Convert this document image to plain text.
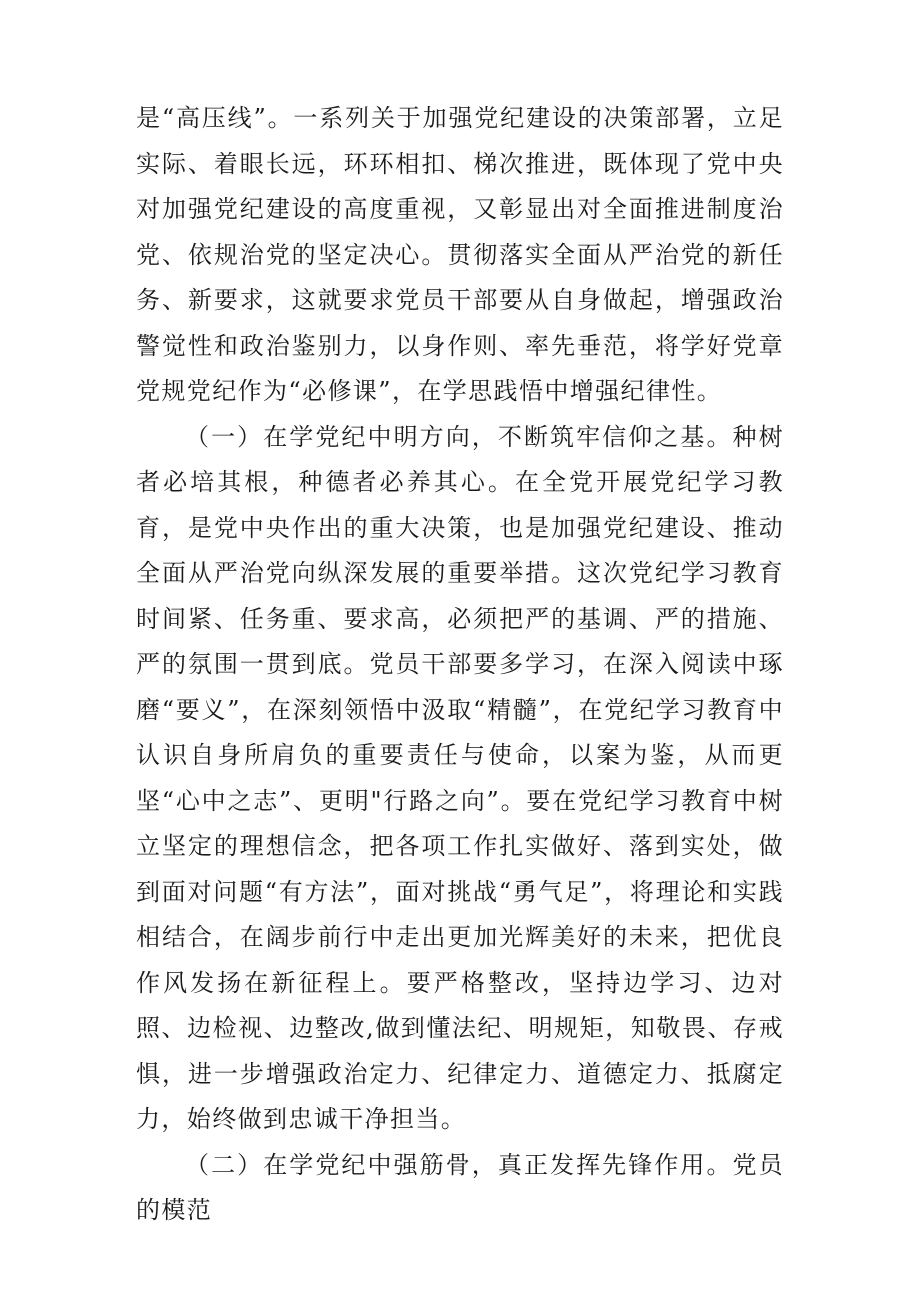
是“高压线”。一系列关于加强党纪建设的决策部署，立足实际、着眼长远，环环相扣、梯次推进，既体现了党中央对加强党纪建设的高度重视，又彰显出对全面推进制度治党、依规治党的坚定决心。贯彻落实全面从严治党的新任务、新要求，这就要求党员干部要从自身做起，增强政治警觉性和政治鉴别力，以身作则、率先垂范，将学好党章党规党纪作为“必修课”，在学思践悟中增强纪律性。

（一）在学党纪中明方向，不断筑牢信仰之基。种树者必培其根，种德者必养其心。在全党开展党纪学习教育，是党中央作出的重大决策，也是加强党纪建设、推动全面从严治党向纵深发展的重要举措。这次党纪学习教育时间紧、任务重、要求高，必须把严的基调、严的措施、严的氛围一贯到底。党员干部要多学习，在深入阅读中琢磨“要义”，在深刻领悟中汲取“精髓”，在党纪学习教育中认识自身所肩负的重要责任与使命，以案为鉴，从而更坚“心中之志”、更明"行路之向”。要在党纪学习教育中树立坚定的理想信念，把各项工作扎实做好、落到实处，做到面对问题“有方法”，面对挑战“勇气足”，将理论和实践相结合，在阔步前行中走出更加光辉美好的未来，把优良作风发扬在新征程上。要严格整改，坚持边学习、边对照、边检视、边整改,做到懂法纪、明规矩，知敬畏、存戒惧，进一步增强政治定力、纪律定力、道德定力、抵腐定力，始终做到忠诚干净担当。

（二）在学党纪中强筋骨，真正发挥先锋作用。党员的模范
